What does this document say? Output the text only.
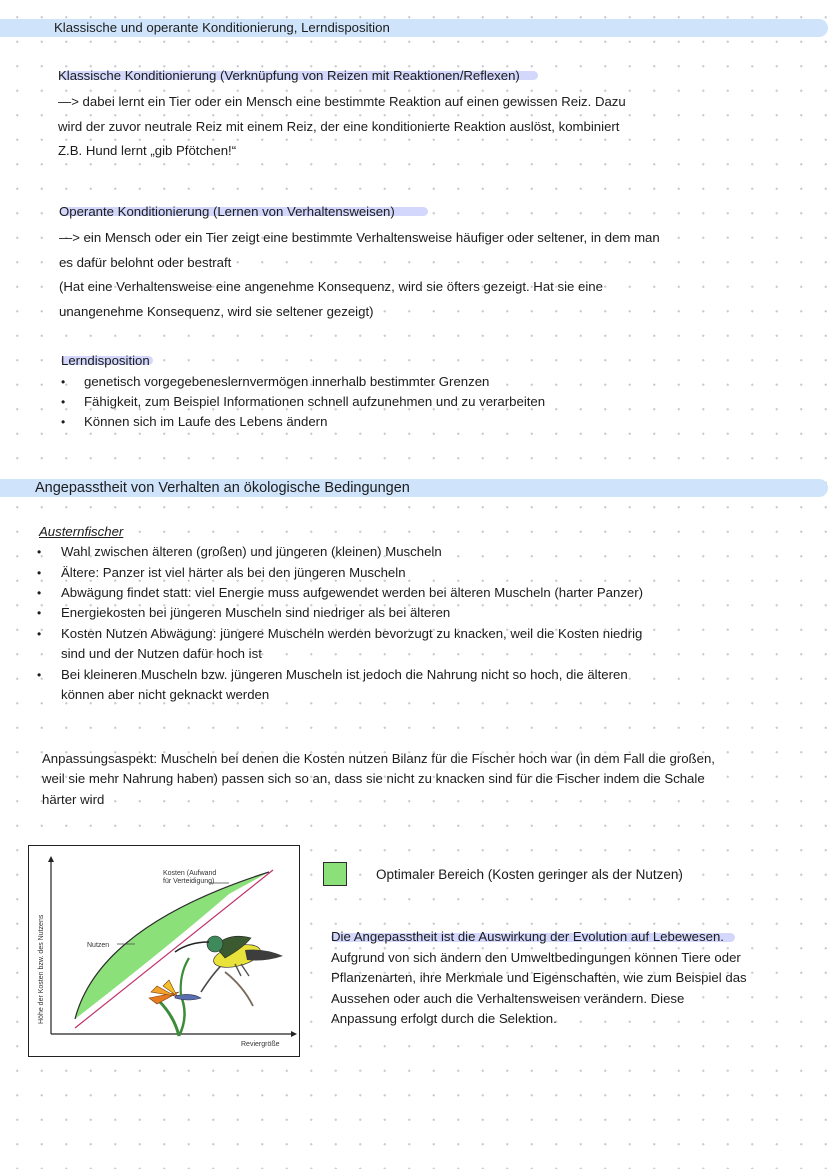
Klassische und operante Konditionierung, Lerndisposition
Klassische Konditionierung (Verknüpfung von Reizen mit Reaktionen/Reflexen)
—> dabei lernt ein Tier oder ein Mensch eine bestimmte Reaktion auf einen gewissen Reiz. Dazu
wird der zuvor neutrale Reiz mit einem Reiz, der eine konditionierte Reaktion auslöst, kombiniert
Z.B. Hund lernt „gib Pfötchen!“
Operante Konditionierung (Lernen von Verhaltensweisen)
—> ein Mensch oder ein Tier zeigt eine bestimmte Verhaltensweise häufiger oder seltener, in dem man
es dafür belohnt oder bestraft
(Hat eine Verhaltensweise eine angenehme Konsequenz, wird sie öfters gezeigt. Hat sie eine
unangenehme Konsequenz, wird sie seltener gezeigt)
Lerndisposition
• genetisch vorgegebeneslernvermögen innerhalb bestimmter Grenzen
• Fähigkeit, zum Beispiel Informationen schnell aufzunehmen und zu verarbeiten
• Können sich im Laufe des Lebens ändern
Angepasstheit von Verhalten an ökologische Bedingungen
Austernfischer
• Wahl zwischen älteren (großen) und jüngeren (kleinen) Muscheln
• Ältere: Panzer ist viel härter als bei den jüngeren Muscheln
• Abwägung findet statt: viel Energie muss aufgewendet werden bei älteren Muscheln (harter Panzer)
• Energiekosten bei jüngeren Muscheln sind niedriger als bei älteren
• Kosten Nutzen Abwägung: jüngere Muscheln werden bevorzugt zu knacken, weil die Kosten niedrig
sind und der Nutzen dafür hoch ist
• Bei kleineren Muscheln bzw. jüngeren Muscheln ist jedoch die Nahrung nicht so hoch, die älteren
können aber nicht geknackt werden
Anpassungsaspekt: Muscheln bei denen die Kosten nutzen Bilanz für die Fischer hoch war (in dem Fall die großen,
weil sie mehr Nahrung haben) passen sich so an, dass sie nicht zu knacken sind für die Fischer indem die Schale
härter wird
Kosten (Aufwand
für Verteidigung)
Nutzen
Reviergröße
Höhe der Kosten bzw. des Nutzens
Optimaler Bereich (Kosten geringer als der Nutzen)
Die Angepasstheit ist die Auswirkung der Evolution auf Lebewesen.
Aufgrund von sich ändern den Umweltbedingungen können Tiere oder
Pflanzenarten, ihre Merkmale und Eigenschaften, wie zum Beispiel das
Aussehen oder auch die Verhaltensweisen verändern. Diese
Anpassung erfolgt durch die Selektion.
